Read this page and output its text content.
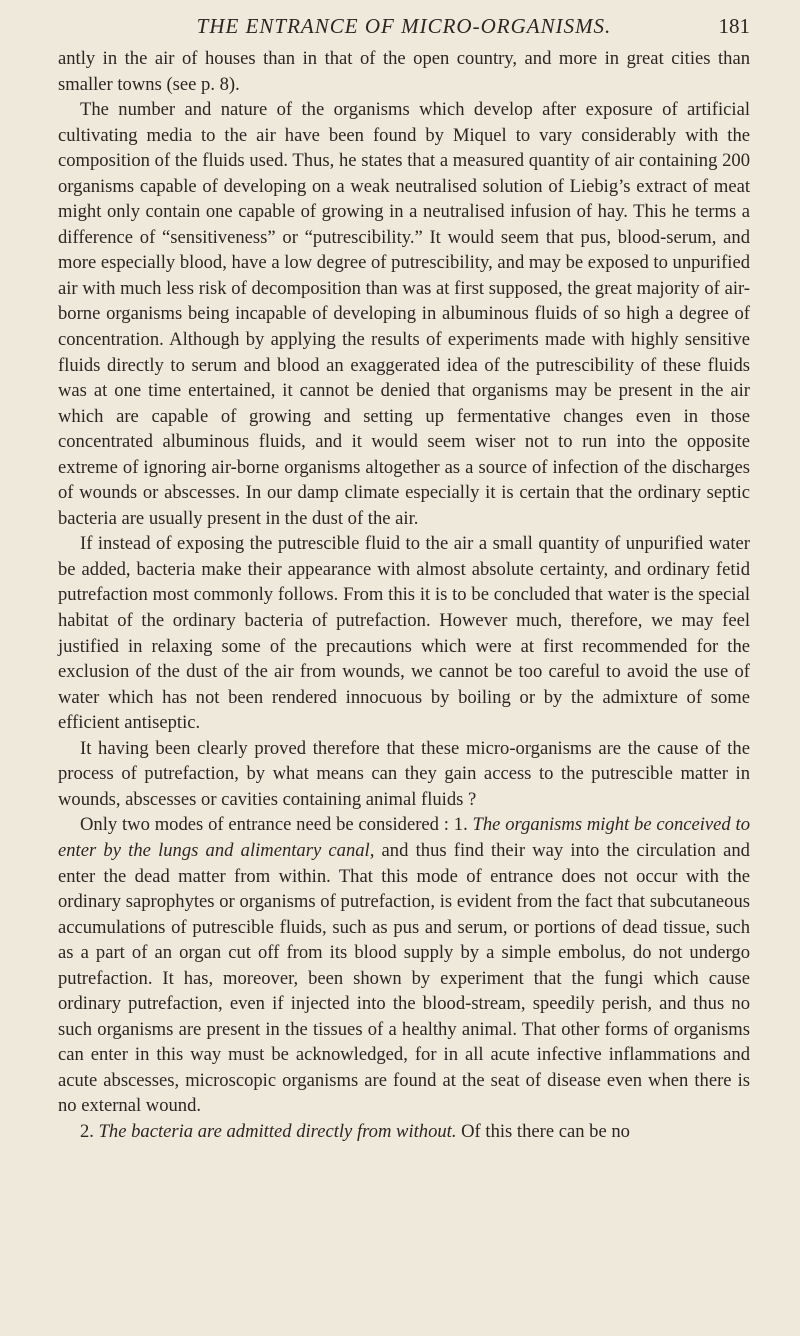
THE ENTRANCE OF MICRO-ORGANISMS.	181

antly in the air of houses than in that of the open country, and more in great cities than smaller towns (see p. 8).

The number and nature of the organisms which develop after exposure of artificial cultivating media to the air have been found by Miquel to vary considerably with the composition of the fluids used. Thus, he states that a measured quantity of air containing 200 organisms capable of developing on a weak neutralised solution of Liebig’s extract of meat might only contain one capable of growing in a neutralised infusion of hay. This he terms a difference of “sensitiveness” or “putrescibility.” It would seem that pus, blood-serum, and more especially blood, have a low degree of putrescibility, and may be exposed to unpurified air with much less risk of decomposition than was at first supposed, the great majority of air-borne organisms being incapable of developing in albuminous fluids of so high a degree of concentration. Although by applying the results of experiments made with highly sensitive fluids directly to serum and blood an exaggerated idea of the putrescibility of these fluids was at one time entertained, it cannot be denied that organisms may be present in the air which are capable of growing and setting up fermentative changes even in those concentrated albuminous fluids, and it would seem wiser not to run into the opposite extreme of ignoring air-borne organisms altogether as a source of infection of the discharges of wounds or abscesses. In our damp climate especially it is certain that the ordinary septic bacteria are usually present in the dust of the air.

If instead of exposing the putrescible fluid to the air a small quantity of unpurified water be added, bacteria make their appearance with almost absolute certainty, and ordinary fetid putrefaction most commonly follows. From this it is to be concluded that water is the special habitat of the ordinary bacteria of putrefaction. However much, therefore, we may feel justified in relaxing some of the precautions which were at first recommended for the exclusion of the dust of the air from wounds, we cannot be too careful to avoid the use of water which has not been rendered innocuous by boiling or by the admixture of some efficient antiseptic.

It having been clearly proved therefore that these micro-organisms are the cause of the process of putrefaction, by what means can they gain access to the putrescible matter in wounds, abscesses or cavities containing animal fluids ?

Only two modes of entrance need be considered : 1. The organisms might be conceived to enter by the lungs and alimentary canal, and thus find their way into the circulation and enter the dead matter from within. That this mode of entrance does not occur with the ordinary saprophytes or organisms of putrefaction, is evident from the fact that subcutaneous accumulations of putrescible fluids, such as pus and serum, or portions of dead tissue, such as a part of an organ cut off from its blood supply by a simple embolus, do not undergo putrefaction. It has, moreover, been shown by experiment that the fungi which cause ordinary putrefaction, even if injected into the blood-stream, speedily perish, and thus no such organisms are present in the tissues of a healthy animal. That other forms of organisms can enter in this way must be acknowledged, for in all acute infective inflammations and acute abscesses, microscopic organisms are found at the seat of disease even when there is no external wound.

2. The bacteria are admitted directly from without. Of this there can be no
